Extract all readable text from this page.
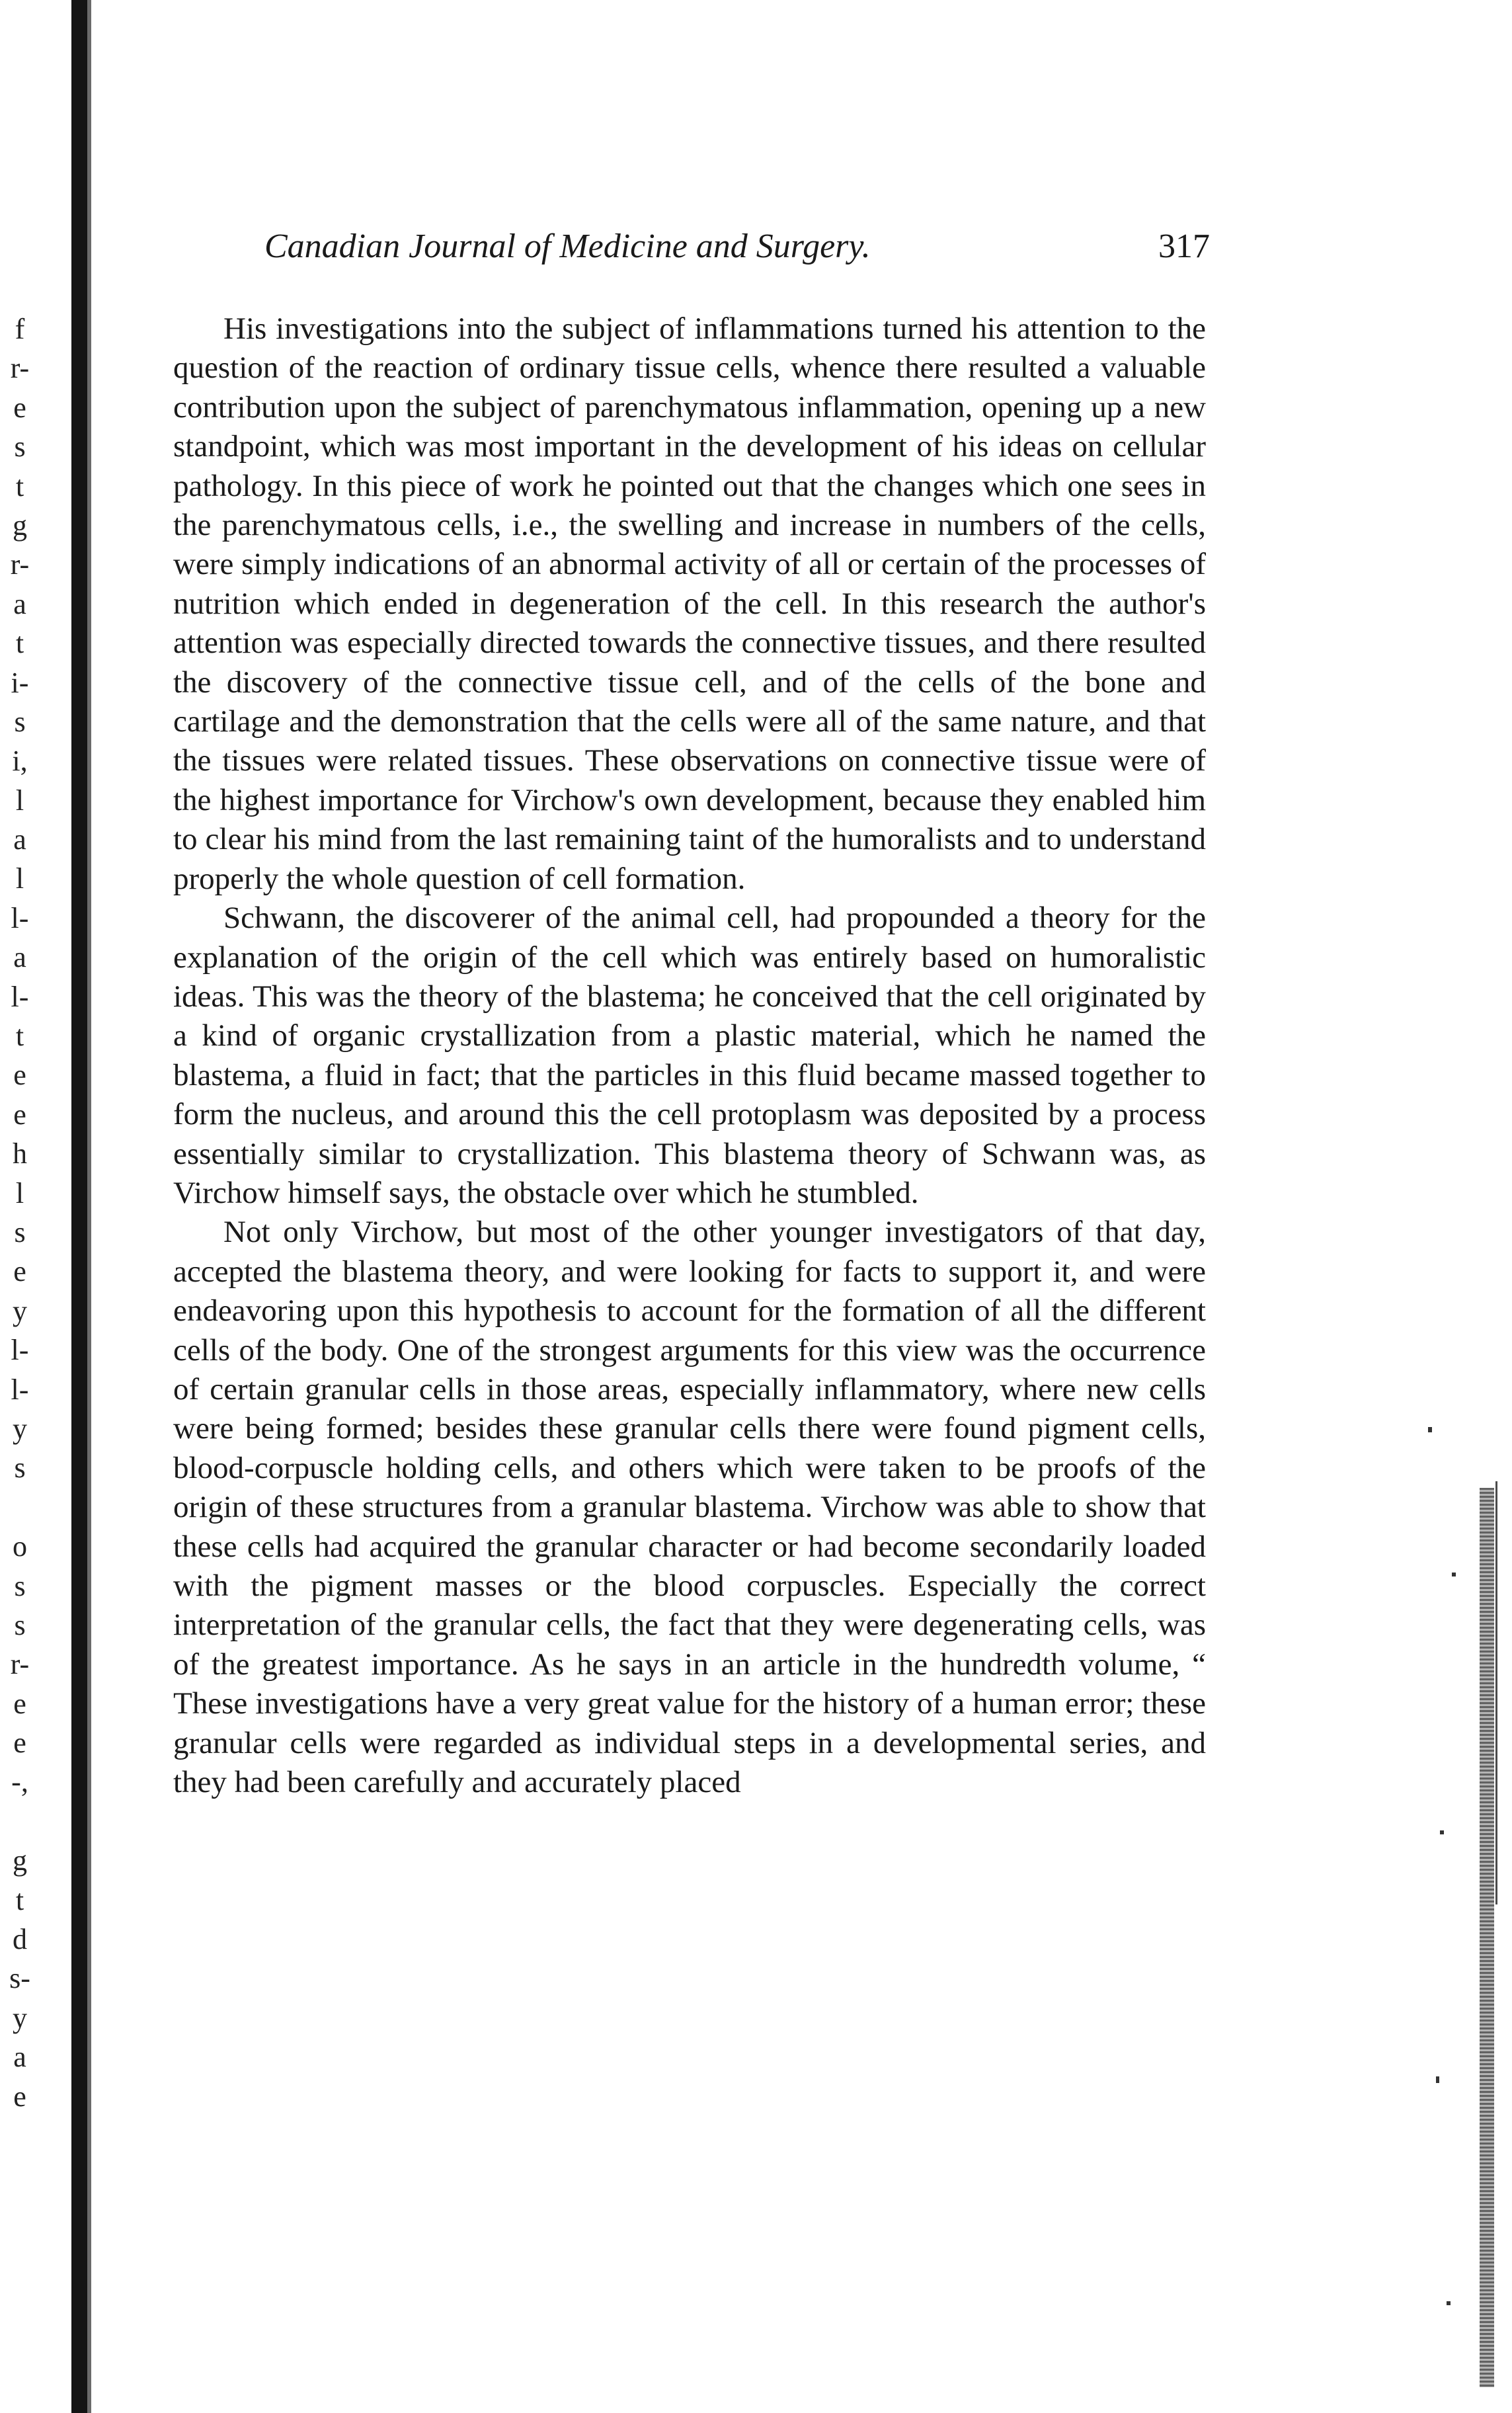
f
r-
e
s
t
g
r-
a
t
i-
s
i,
l
a
l
l-
a
l-
t
e
e
h
l
s
e
y
l-
l-
y
s
o
s
s
r-
e
e
-,
g
t
d
s-
y
a
e
Canadian Journal of Medicine and Surgery.	317

His investigations into the subject of inflammations turned his attention to the question of the reaction of ordinary tissue cells, whence there resulted a valuable contribution upon the subject of parenchymatous inflammation, opening up a new standpoint, which was most important in the development of his ideas on cellular pathology. In this piece of work he pointed out that the changes which one sees in the parenchymatous cells, i.e., the swelling and increase in numbers of the cells, were simply indications of an abnormal activity of all or certain of the processes of nutrition which ended in degeneration of the cell. In this research the author's attention was especially directed towards the connective tissues, and there resulted the discovery of the connective tissue cell, and of the cells of the bone and cartilage and the demonstration that the cells were all of the same nature, and that the tissues were related tissues. These observations on connective tissue were of the highest importance for Virchow's own development, because they enabled him to clear his mind from the last remaining taint of the humoralists and to understand properly the whole question of cell formation.

Schwann, the discoverer of the animal cell, had propounded a theory for the explanation of the origin of the cell which was entirely based on humoralistic ideas. This was the theory of the blastema; he conceived that the cell originated by a kind of organic crystallization from a plastic material, which he named the blastema, a fluid in fact; that the particles in this fluid became massed together to form the nucleus, and around this the cell protoplasm was deposited by a process essentially similar to crystallization. This blastema theory of Schwann was, as Virchow himself says, the obstacle over which he stumbled.

Not only Virchow, but most of the other younger investigators of that day, accepted the blastema theory, and were looking for facts to support it, and were endeavoring upon this hypothesis to account for the formation of all the different cells of the body. One of the strongest arguments for this view was the occurrence of certain granular cells in those areas, especially inflammatory, where new cells were being formed; besides these granular cells there were found pigment cells, blood-corpuscle holding cells, and others which were taken to be proofs of the origin of these structures from a granular blastema. Virchow was able to show that these cells had acquired the granular character or had become secondarily loaded with the pigment masses or the blood corpuscles. Especially the correct interpretation of the granular cells, the fact that they were degenerating cells, was of the greatest importance. As he says in an article in the hundredth volume, “ These investigations have a very great value for the history of a human error; these granular cells were regarded as individual steps in a developmental series, and they had been carefully and accurately placed
